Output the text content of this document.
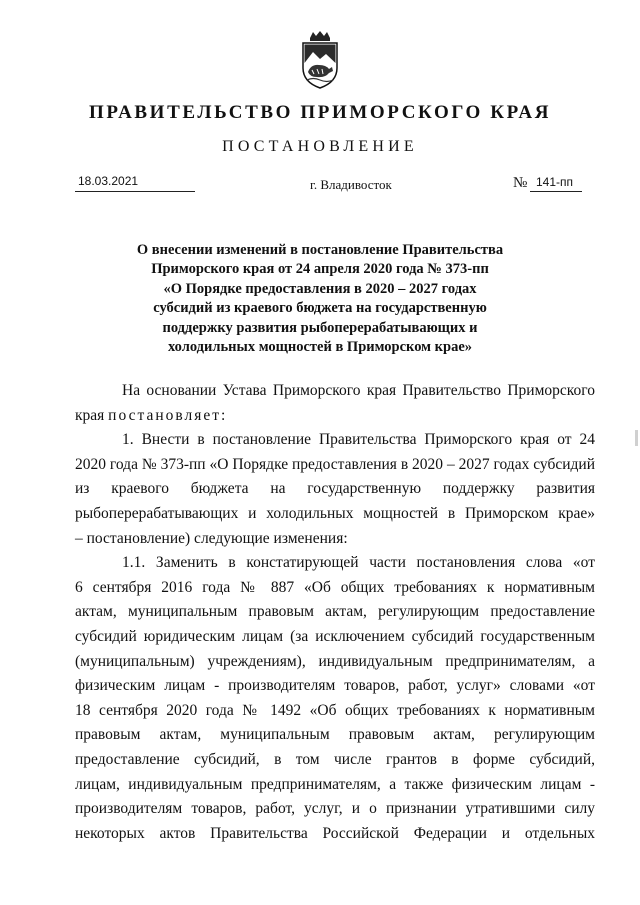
ПРАВИТЕЛЬСТВО ПРИМОРСКОГО КРАЯ
ПОСТАНОВЛЕНИЕ
18.03.2021	г. Владивосток	№ 141-пп
О внесении изменений в постановление Правительства
Приморского края от 24 апреля 2020 года № 373-пп
«О Порядке предоставления в 2020 – 2027 годах
субсидий из краевого бюджета на государственную
поддержку развития рыбоперерабатывающих и
холодильных мощностей в Приморском крае»
На основании Устава Приморского края Правительство Приморского
края постановляет:
1. Внести в постановление Правительства Приморского края от 24
2020 года № 373-пп «О Порядке предоставления в 2020 – 2027 годах субсидий
из краевого бюджета на государственную поддержку развития
рыбоперерабатывающих и холодильных мощностей в Приморском крае»
– постановление) следующие изменения:
1.1. Заменить в констатирующей части постановления слова «от
6 сентября 2016 года № 887 «Об общих требованиях к нормативным
актам, муниципальным правовым актам, регулирующим предоставление
субсидий юридическим лицам (за исключением субсидий государственным
(муниципальным) учреждениям), индивидуальным предпринимателям, а
физическим лицам - производителям товаров, работ, услуг» словами «от
18 сентября 2020 года № 1492 «Об общих требованиях к нормативным
правовым актам, муниципальным правовым актам, регулирующим
предоставление субсидий, в том числе грантов в форме субсидий,
лицам, индивидуальным предпринимателям, а также физическим лицам -
производителям товаров, работ, услуг, и о признании утратившими силу
некоторых актов Правительства Российской Федерации и отдельных
